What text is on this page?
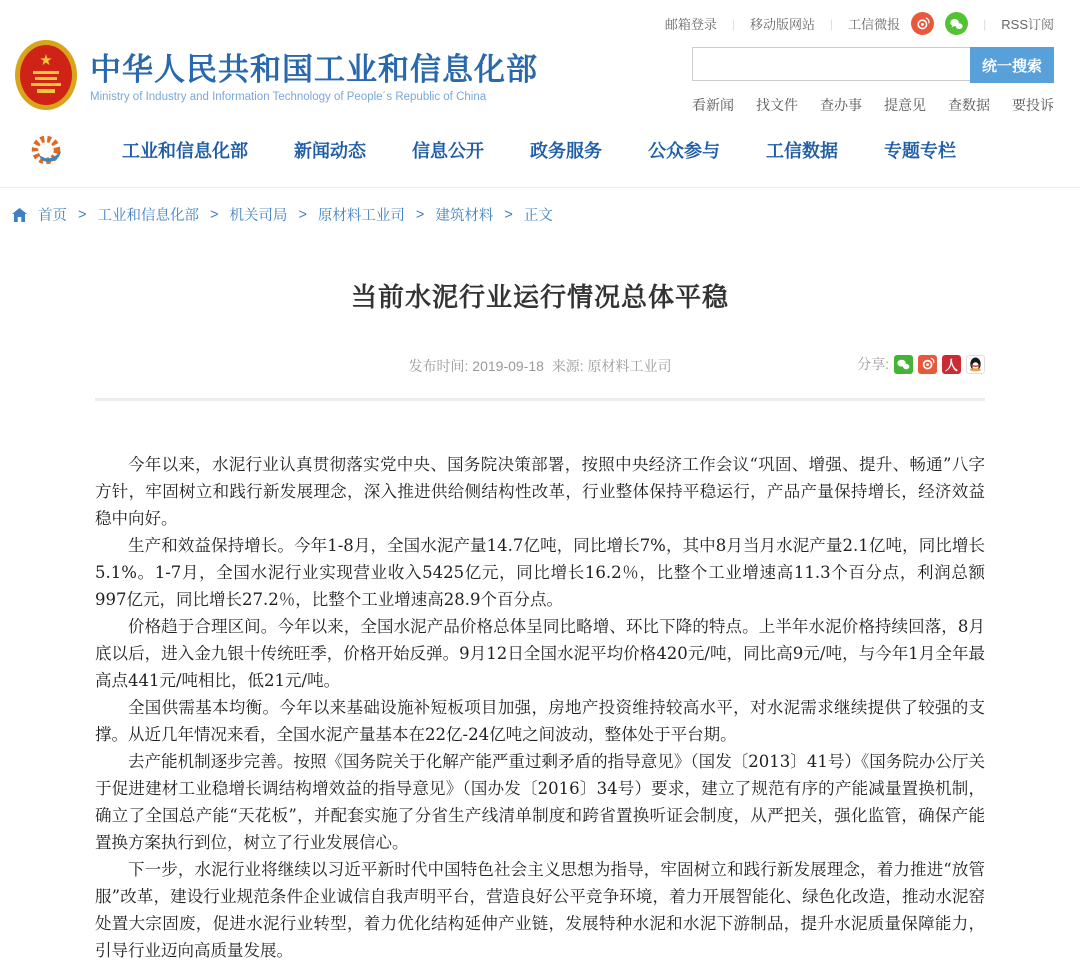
邮箱登录 | 移动版网站 | 工信微报	| RSS订阅
★ 中华人民共和国工业和信息化部
Ministry of Industry and Information Technology of People´s Republic of China
统一搜索
看新闻 找文件 查办事 提意见 查数据 要投诉
工业和信息化部	新闻动态	信息公开	政务服务	公众参与	工信数据	专题专栏
首页 > 工业和信息化部 > 机关司局 > 原材料工业司 > 建筑材料 > 正文
当前水泥行业运行情况总体平稳
发布时间: 2019-09-18 来源: 原材料工业司	分享:	人

今年以来，水泥行业认真贯彻落实党中央、国务院决策部署，按照中央经济工作会议“巩固、增强、提升、畅通”八字方针，牢固树立和践行新发展理念，深入推进供给侧结构性改革，行业整体保持平稳运行，产品产量保持增长，经济效益稳中向好。

生产和效益保持增长。今年1-8月，全国水泥产量14.7亿吨，同比增长7%，其中8月当月水泥产量2.1亿吨，同比增长5.1%。1-7月，全国水泥行业实现营业收入5425亿元，同比增长16.2％，比整个工业增速高11.3个百分点，利润总额997亿元，同比增长27.2％，比整个工业增速高28.9个百分点。

价格趋于合理区间。今年以来，全国水泥产品价格总体呈同比略增、环比下降的特点。上半年水泥价格持续回落，8月底以后，进入金九银十传统旺季，价格开始反弹。9月12日全国水泥平均价格420元/吨，同比高9元/吨，与今年1月全年最高点441元/吨相比，低21元/吨。

全国供需基本均衡。今年以来基础设施补短板项目加强，房地产投资维持较高水平，对水泥需求继续提供了较强的支撑。从近几年情况来看，全国水泥产量基本在22亿-24亿吨之间波动，整体处于平台期。

去产能机制逐步完善。按照《国务院关于化解产能严重过剩矛盾的指导意见》（国发〔2013〕41号）《国务院办公厅关于促进建材工业稳增长调结构增效益的指导意见》（国办发〔2016〕34号）要求，建立了规范有序的产能减量置换机制，确立了全国总产能“天花板”，并配套实施了分省生产线清单制度和跨省置换听证会制度，从严把关，强化监管，确保产能置换方案执行到位，树立了行业发展信心。

下一步，水泥行业将继续以习近平新时代中国特色社会主义思想为指导，牢固树立和践行新发展理念，着力推进“放管服”改革，建设行业规范条件企业诚信自我声明平台，营造良好公平竞争环境，着力开展智能化、绿色化改造，推动水泥窑处置大宗固废，促进水泥行业转型，着力优化结构延伸产业链，发展特种水泥和水泥下游制品，提升水泥质量保障能力，引导行业迈向高质量发展。
